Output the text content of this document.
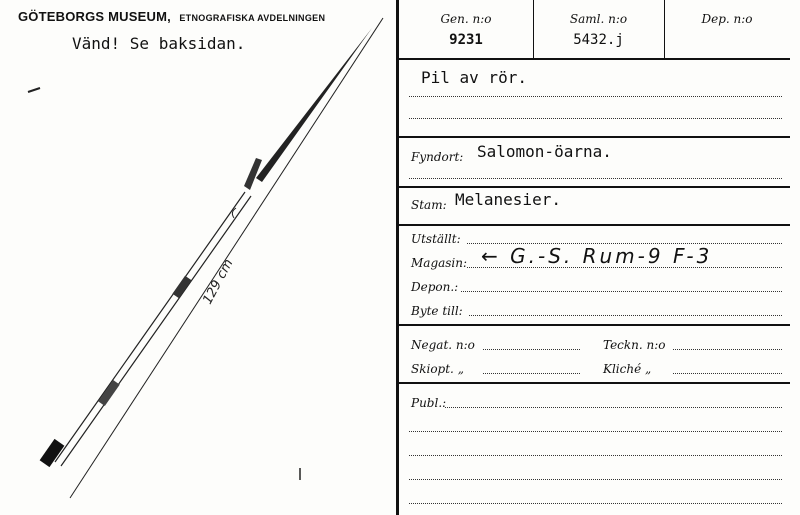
GÖTEBORGS MUSEUM, ETNOGRAFISKA AVDELNINGEN
Vänd! Se baksidan.
129 cm
Gen. n:o
9231
Saml. n:o
5432.j
Dep. n:o
Pil av rör.
Fyndort: Salomon-öarna.
Stam: Melanesier.
Utställt:
Magasin: ← G.-S. Rum-9 F-3
Depon.:
Byte till:
Negat. n:o	Teckn. n:o
Skiopt. „	Kliché „
Publ.:
